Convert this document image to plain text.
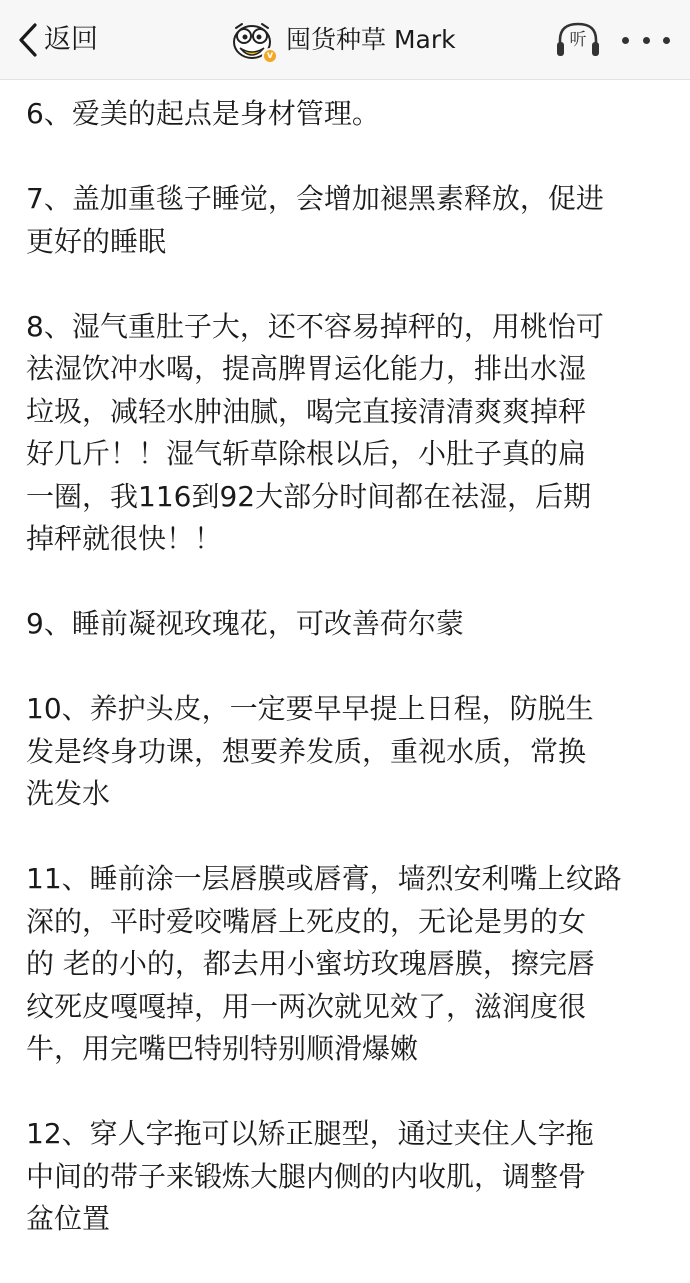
返回
v
囤货种草 Mark	听
6、爱美的起点是身材管理。
7、盖加重毯子睡觉，会增加褪黑素释放，促进
更好的睡眠
8、湿气重肚子大，还不容易掉秤的，用桃怡可
祛湿饮冲水喝，提高脾胃运化能力，排出水湿
垃圾，减轻水肿油腻，喝完直接清清爽爽掉秤
好几斤！！湿气斩草除根以后，小肚子真的扁
一圈，我116到92大部分时间都在祛湿，后期
掉秤就很快！！
9、睡前凝视玫瑰花，可改善荷尔蒙
10、养护头皮，一定要早早提上日程，防脱生
发是终身功课，想要养发质，重视水质，常换
洗发水
11、睡前涂一层唇膜或唇膏，墙烈安利嘴上纹路
深的，平时爱咬嘴唇上死皮的，无论是男的女
的 老的小的，都去用小蜜坊玫瑰唇膜，擦完唇
纹死皮嘎嘎掉，用一两次就见效了，滋润度很
牛，用完嘴巴特别特别顺滑爆嫩
12、穿人字拖可以矫正腿型，通过夹住人字拖
中间的带子来锻炼大腿内侧的内收肌，调整骨
盆位置
